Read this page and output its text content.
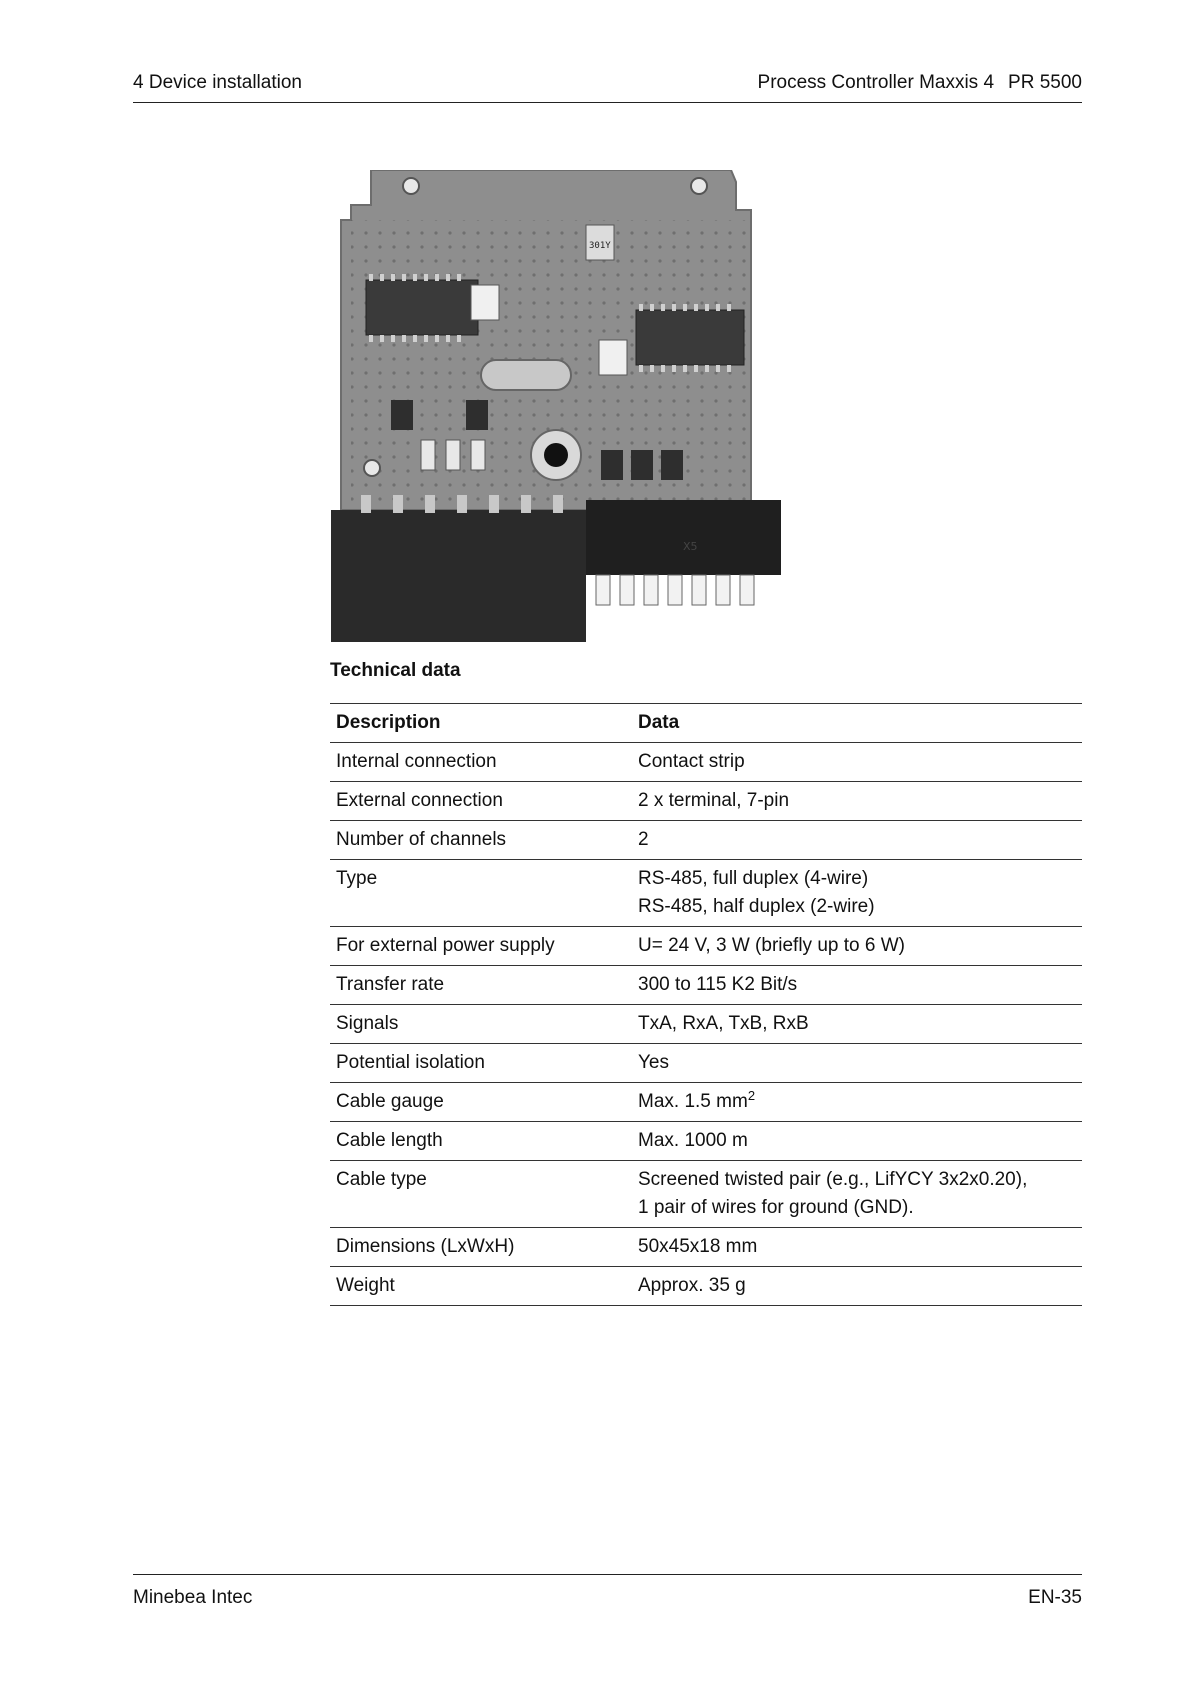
4 Device installation	Process Controller Maxxis 4 PR 5500
301Y
X5
Technical data
Description	Data
Internal connection	Contact strip
External connection	2 x terminal, 7-pin
Number of channels	2
Type	RS-485, full duplex (4-wire)
RS-485, half duplex (2-wire)

For external power supply	U= 24 V, 3 W (briefly up to 6 W)
Transfer rate	300 to 115 K2 Bit/s
Signals	TxA, RxA, TxB, RxB
Potential isolation	Yes
Cable gauge	Max. 1.5 $mm^2$
Cable length	Max. 1000 m
Cable type	Screened twisted pair (e.g., LifYCY 3x2x0.20),
1 pair of wires for ground (GND).

Dimensions (LxWxH)	50x45x18 mm
Weight	Approx. 35 g
Minebea Intec	EN-35
